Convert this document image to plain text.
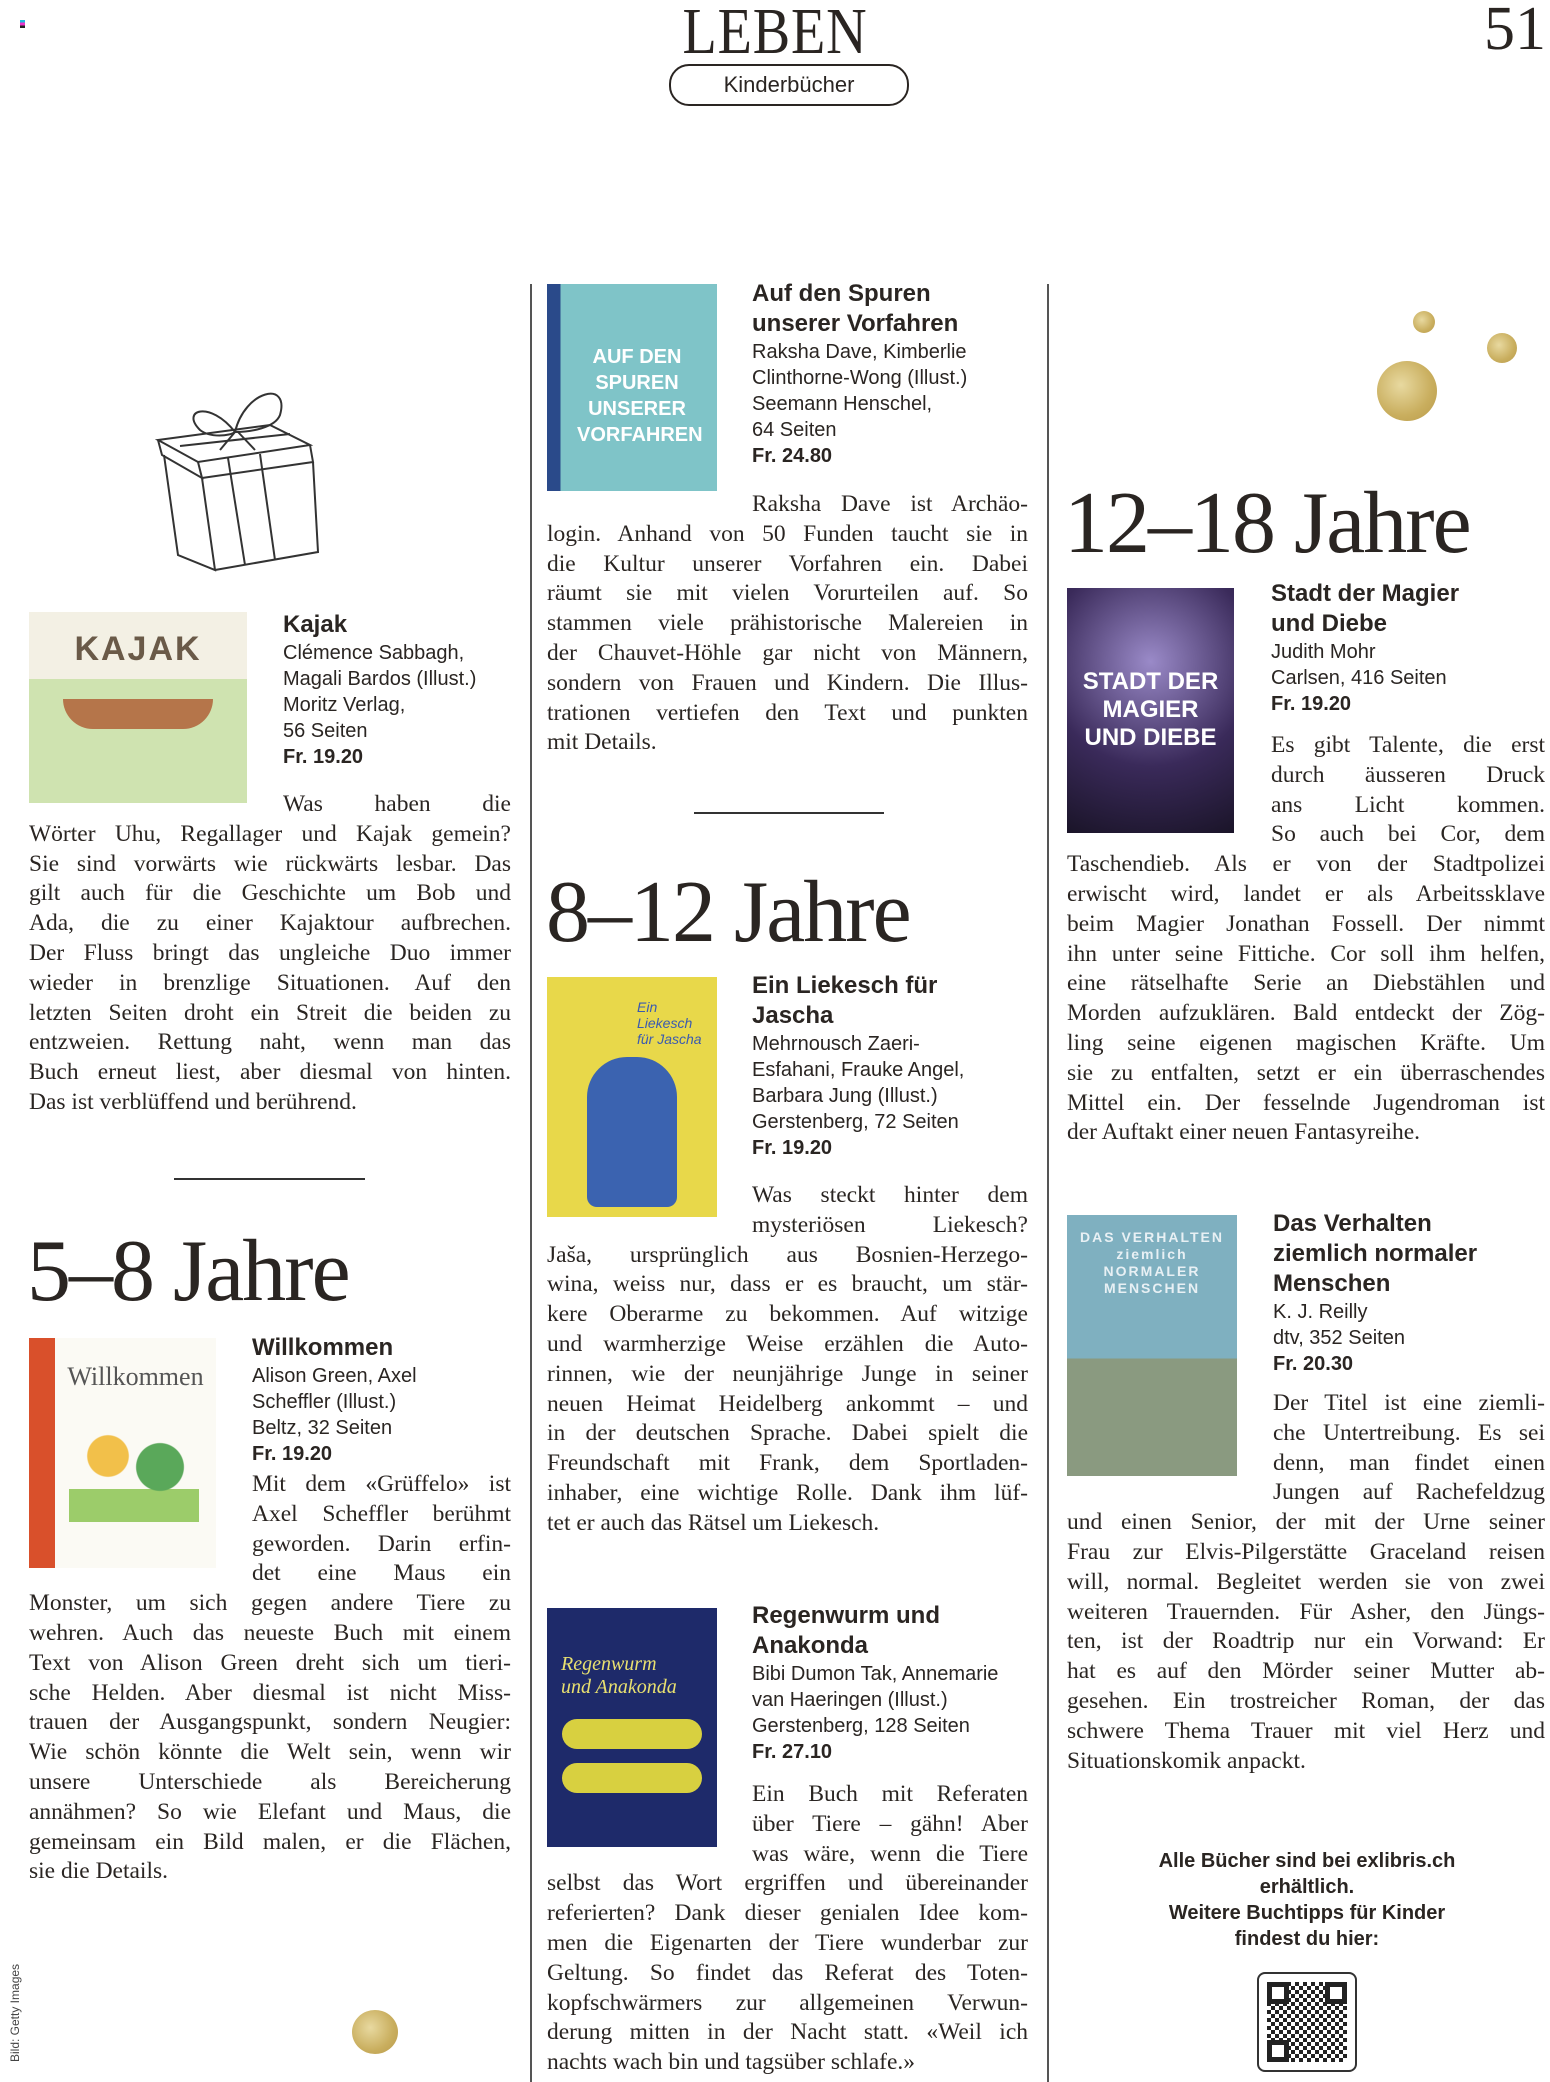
LEBEN	51
Kinderbücher
5–8 Jahre
8–12 Jahre
12–18 Jahre
KAJAK
Kajak
Clémence Sabbagh,
Magali Bardos (Illust.)
Moritz Verlag,
56 Seiten
Fr. 19.20
Was haben die
Wörter Uhu, Regallager und Kajak gemein?
Sie sind vorwärts wie rückwärts lesbar. Das
gilt auch für die Geschichte um Bob und
Ada, die zu einer Kajaktour aufbrechen.
Der Fluss bringt das ungleiche Duo immer
wieder in brenzlige Situationen. Auf den
letzten Seiten droht ein Streit die beiden zu
entzweien. Rettung naht, wenn man das
Buch erneut liest, aber diesmal von hinten.
Das ist verblüffend und berührend.
Willkommen
Willkommen
Alison Green, Axel
Scheffler (Illust.)
Beltz, 32 Seiten
Fr. 19.20
Mit dem «Grüffelo» ist
Axel Scheffler berühmt
geworden. Darin erfin-
det eine Maus ein
Monster, um sich gegen andere Tiere zu
wehren. Auch das neueste Buch mit einem
Text von Alison Green dreht sich um tieri-
sche Helden. Aber diesmal ist nicht Miss-
trauen der Ausgangspunkt, sondern Neugier:
Wie schön könnte die Welt sein, wenn wir
unsere Unterschiede als Bereicherung
annähmen? So wie Elefant und Maus, die
gemeinsam ein Bild malen, er die Flächen,
sie die Details.
AUF DEN SPUREN UNSERER VORFAHREN
Auf den Spuren
unserer Vorfahren
Raksha Dave, Kimberlie
Clinthorne-Wong (Illust.)
Seemann Henschel,
64 Seiten
Fr. 24.80
Raksha Dave ist Archäo-
login. Anhand von 50 Funden taucht sie in
die Kultur unserer Vorfahren ein. Dabei
räumt sie mit vielen Vorurteilen auf. So
stammen viele prähistorische Malereien in
der Chauvet-Höhle gar nicht von Männern,
sondern von Frauen und Kindern. Die Illus-
trationen vertiefen den Text und punkten
mit Details.
Ein Liekesch für Jascha
Ein Liekesch für
Jascha
Mehrnousch Zaeri-
Esfahani, Frauke Angel,
Barbara Jung (Illust.)
Gerstenberg, 72 Seiten
Fr. 19.20
Was steckt hinter dem
mysteriösen Liekesch?
Jaša, ursprünglich aus Bosnien-Herzego-
wina, weiss nur, dass er es braucht, um stär-
kere Oberarme zu bekommen. Auf witzige
und warmherzige Weise erzählen die Auto-
rinnen, wie der neunjährige Junge in seiner
neuen Heimat Heidelberg ankommt – und
in der deutschen Sprache. Dabei spielt die
Freundschaft mit Frank, dem Sportladen-
inhaber, eine wichtige Rolle. Dank ihm lüf-
tet er auch das Rätsel um Liekesch.
Regenwurm und Anakonda
Regenwurm und
Anakonda
Bibi Dumon Tak, Annemarie
van Haeringen (Illust.)
Gerstenberg, 128 Seiten
Fr. 27.10
Ein Buch mit Referaten
über Tiere – gähn! Aber
was wäre, wenn die Tiere
selbst das Wort ergriffen und übereinander
referierten? Dank dieser genialen Idee kom-
men die Eigenarten der Tiere wunderbar zur
Geltung. So findet das Referat des Toten-
kopfschwärmers zur allgemeinen Verwun-
derung mitten in der Nacht statt. «Weil ich
nachts wach bin und tagsüber schlafe.»
STADT DER MAGIER UND DIEBE
Stadt der Magier
und Diebe
Judith Mohr
Carlsen, 416 Seiten
Fr. 19.20
Es gibt Talente, die erst
durch äusseren Druck
ans Licht kommen.
So auch bei Cor, dem
Taschendieb. Als er von der Stadtpolizei
erwischt wird, landet er als Arbeitssklave
beim Magier Jonathan Fossell. Der nimmt
ihn unter seine Fittiche. Cor soll ihm helfen,
eine rätselhafte Serie an Diebstählen und
Morden aufzuklären. Bald entdeckt der Zög-
ling seine eigenen magischen Kräfte. Um
sie zu entfalten, setzt er ein überraschendes
Mittel ein. Der fesselnde Jugendroman ist
der Auftakt einer neuen Fantasyreihe.
DAS VERHALTEN ziemlich NORMALER MENSCHEN
Das Verhalten
ziemlich normaler
Menschen
K. J. Reilly
dtv, 352 Seiten
Fr. 20.30
Der Titel ist eine ziemli-
che Untertreibung. Es sei
denn, man findet einen
Jungen auf Rachefeldzug
und einen Senior, der mit der Urne seiner
Frau zur Elvis-Pilgerstätte Graceland reisen
will, normal. Begleitet werden sie von zwei
weiteren Trauernden. Für Asher, den Jüngs-
ten, ist der Roadtrip nur ein Vorwand: Er
hat es auf den Mörder seiner Mutter ab-
gesehen. Ein trostreicher Roman, der das
schwere Thema Trauer mit viel Herz und
Situationskomik anpackt.
Alle Bücher sind bei exlibris.ch
erhältlich.
Weitere Buchtipps für Kinder
findest du hier:
Bild: Getty Images
